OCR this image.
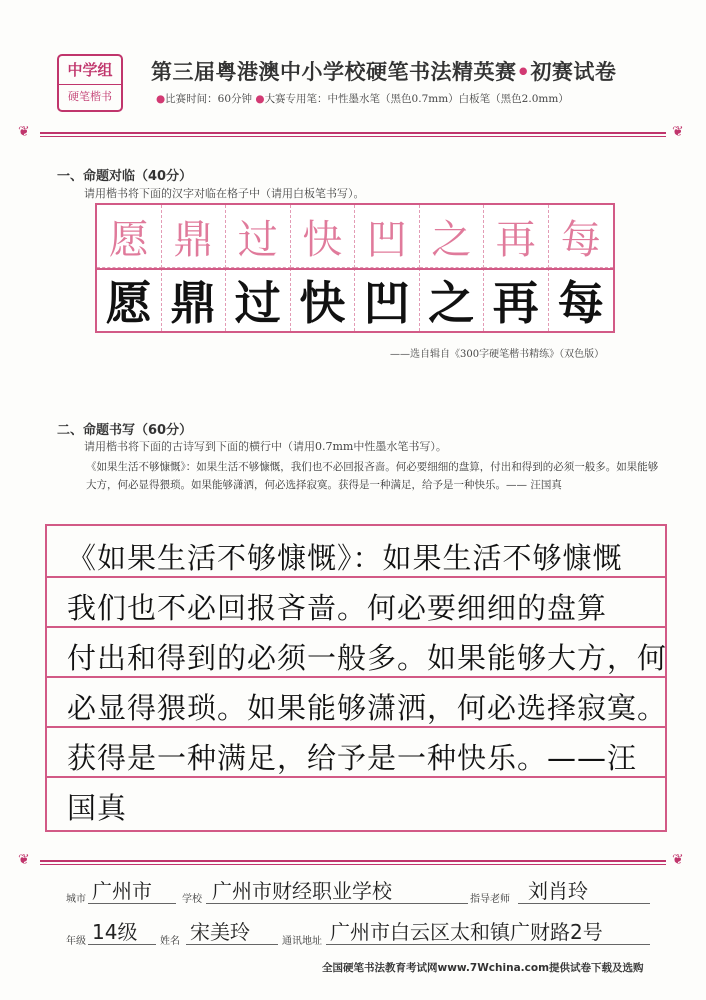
中学组
硬笔楷书
第三届粤港澳中小学校硬笔书法精英赛•初赛试卷
●比赛时间：60分钟 ●大赛专用笔：中性墨水笔（黑色0.7mm）白板笔（黑色2.0mm）
❦	❦
一、命题对临（40分）
请用楷书将下面的汉字对临在格子中（请用白板笔书写）。
愿 鼎 过 快 凹 之 再 每
愿 鼎 过 快 凹 之 再 每
——选自辑自《300字硬笔楷书精练》（双色版）
二、命题书写（60分）
请用楷书将下面的古诗写到下面的横行中（请用0.7mm中性墨水笔书写）。
《如果生活不够慷慨》：如果生活不够慷慨，我们也不必回报吝啬。何必要细细的盘算，付出和得到的必须一般多。如果能够大方，何必显得猥琐。如果能够潇洒，何必选择寂寞。获得是一种满足，给予是一种快乐。—— 汪国真
《如果生活不够慷慨》：如果生活不够慷慨
我们也不必回报吝啬。何必要细细的盘算
付出和得到的必须一般多。如果能够大方，何
必显得猥琐。如果能够潇洒，何必选择寂寞。
获得是一种满足，给予是一种快乐。——汪
国真
❦	❦
城市 广州市	学校 广州市财经职业学校	指导老师 刘肖玲
年级 14级 姓名 宋美玲	通讯地址 广州市白云区太和镇广财路2号
全国硬笔书法教育考试网www.7Wchina.com提供试卷下载及选购
